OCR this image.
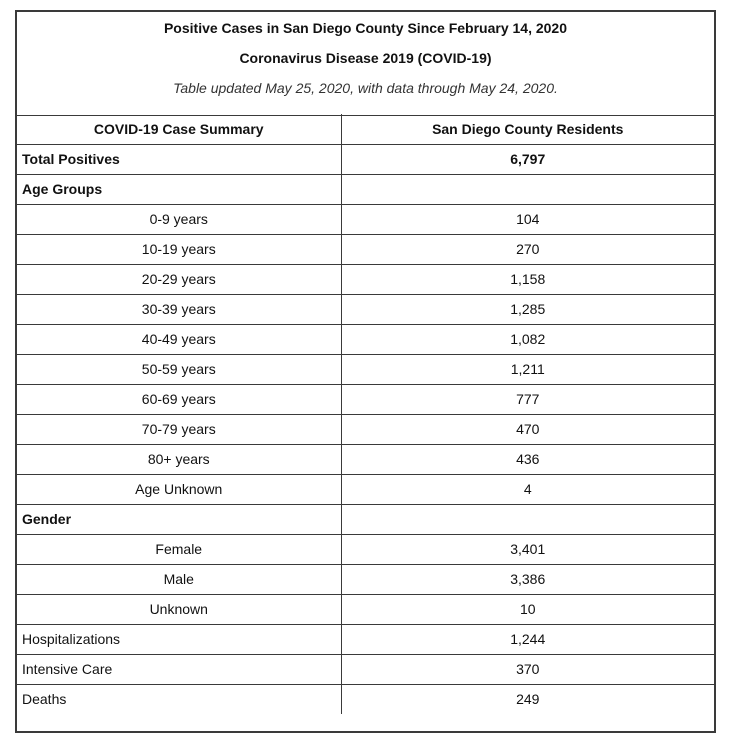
Positive Cases in San Diego County Since February 14, 2020
Coronavirus Disease 2019 (COVID-19)
Table updated May 25, 2020, with data through May 24, 2020.
COVID-19 Case Summary	San Diego County Residents
Total Positives	6,797
Age Groups	
0-9 years	104
10-19 years	270
20-29 years	1,158
30-39 years	1,285
40-49 years	1,082
50-59 years	1,211
60-69 years	777
70-79 years	470
80+ years	436
Age Unknown	4
Gender	
Female	3,401
Male	3,386
Unknown	10
Hospitalizations	1,244
Intensive Care	370
Deaths	249
